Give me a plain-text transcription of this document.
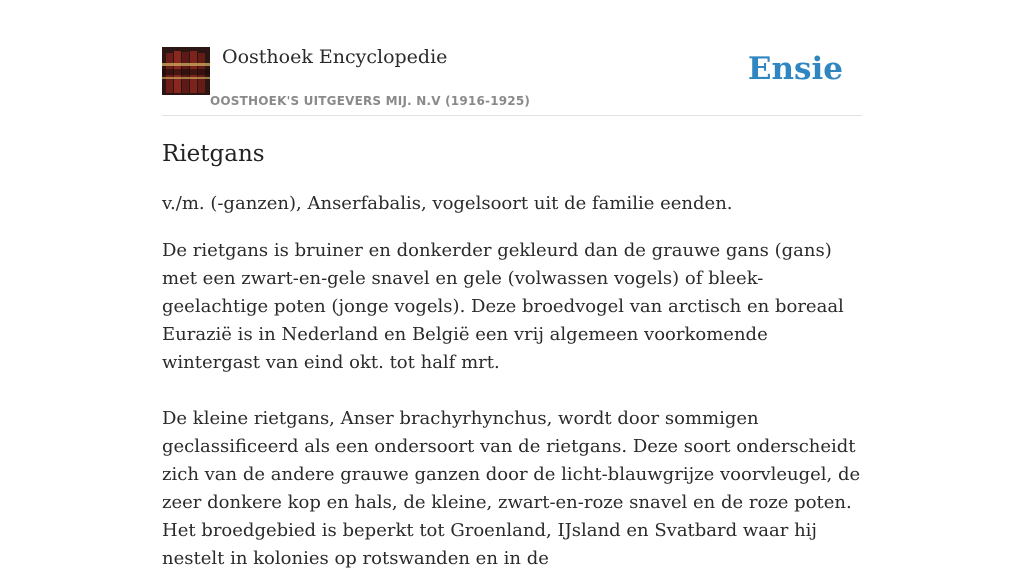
Oosthoek Encyclopedie
OOSTHOEK'S UITGEVERS MIJ. N.V (1916-1925)
Ensie
Rietgans

v./m. (-ganzen), Anserfabalis, vogelsoort uit de familie eenden.

De rietgans is bruiner en donkerder gekleurd dan de grauwe gans (gans) met een zwart-en-gele snavel en gele (volwassen vogels) of bleek-geelachtige poten (jonge vogels). Deze broedvogel van arctisch en boreaal Eurazië is in Nederland en België een vrij algemeen voorkomende wintergast van eind okt. tot half mrt.

De kleine rietgans, Anser brachyrhynchus, wordt door sommigen geclassificeerd als een ondersoort van de rietgans. Deze soort onderscheidt zich van de andere grauwe ganzen door de licht-blauwgrijze voorvleugel, de zeer donkere kop en hals, de kleine, zwart-en-roze snavel en de roze poten. Het broedgebied is beperkt tot Groenland, IJsland en Svatbard waar hij nestelt in kolonies op rotswanden en in de
